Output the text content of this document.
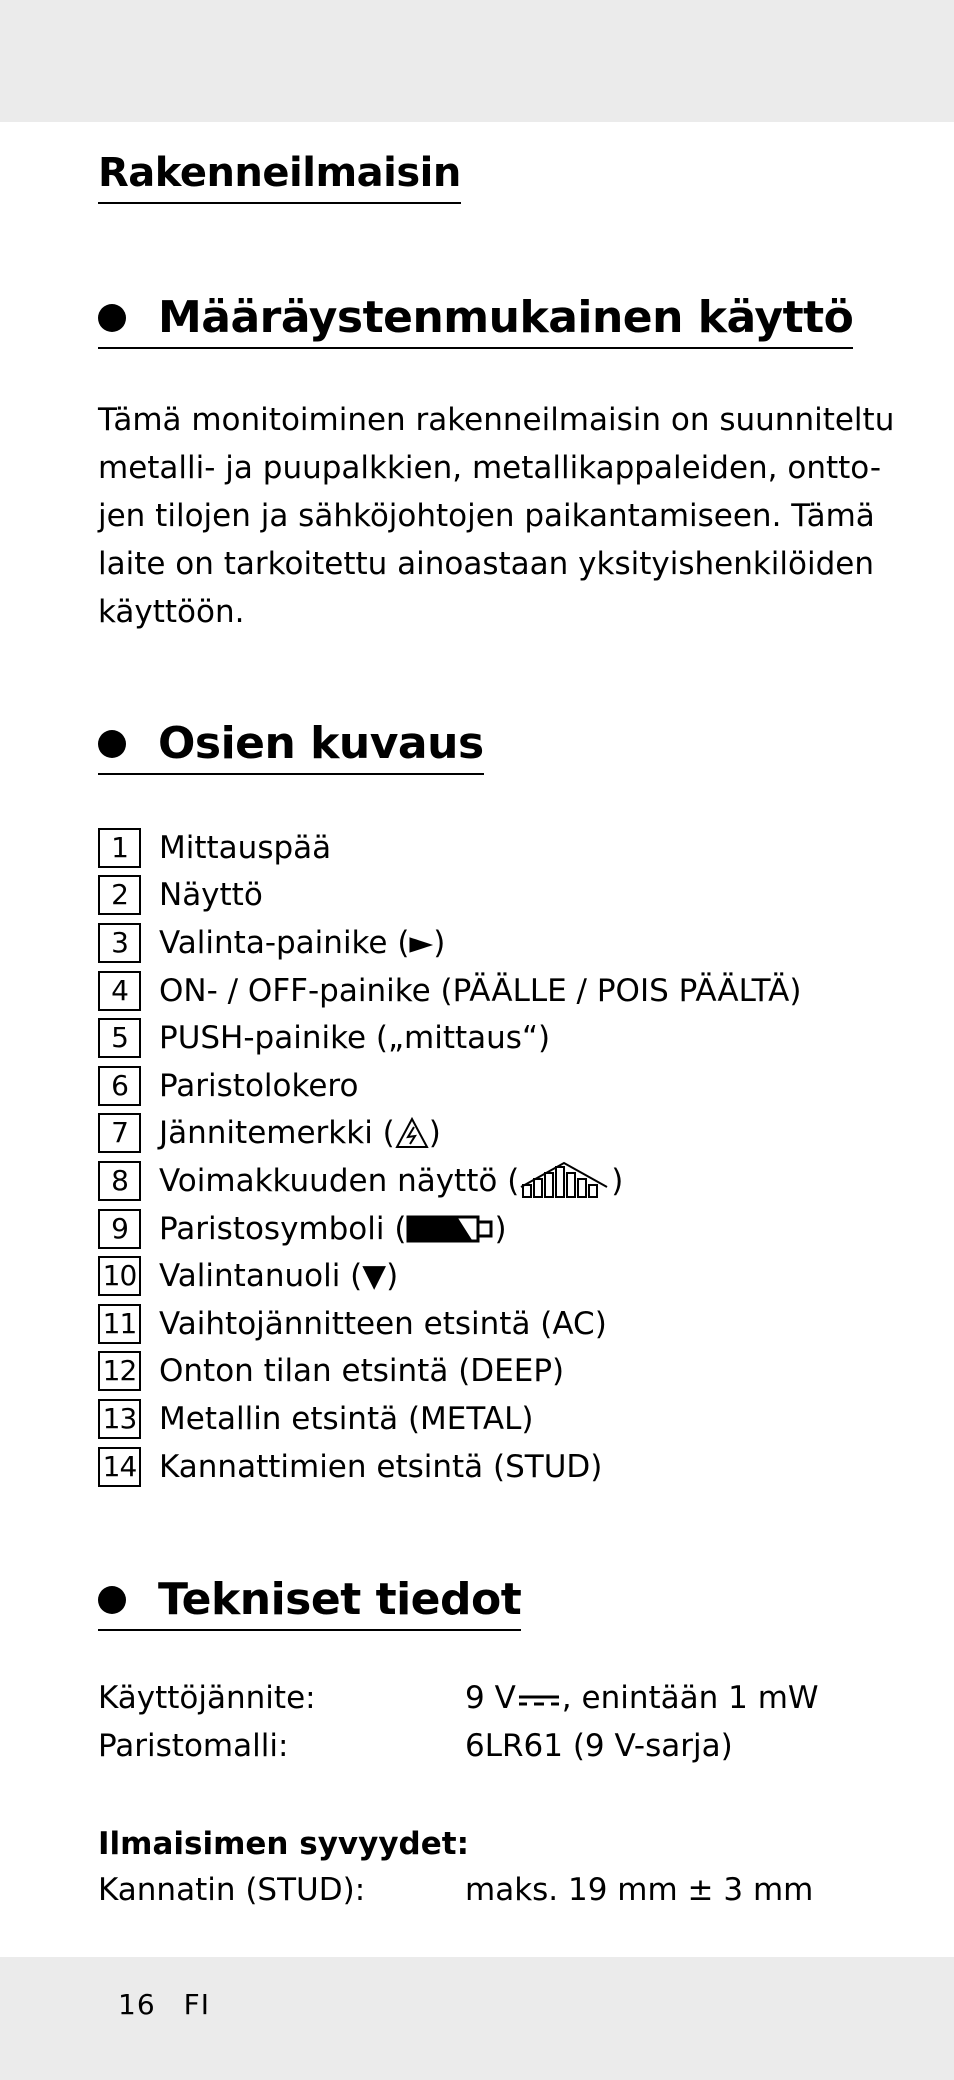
Rakenneilmaisin
Määräystenmukainen käyttö
Tämä monitoiminen rakenneilmaisin on suunniteltu
metalli- ja puupalkkien, metallikappaleiden, ontto-
jen tilojen ja sähköjohtojen paikantamiseen. Tämä
laite on tarkoitettu ainoastaan yksityishenkilöiden
käyttöön.
Osien kuvaus
1	Mittauspää
2	Näyttö
3	Valinta-painike (►)
4	ON- / OFF-painike (PÄÄLLE / POIS PÄÄLTÄ)
5	PUSH-painike („mittaus“)
6	Paristolokero
7	Jännitemerkki ( )
8	Voimakkuuden näyttö (	)
9	Paristosymboli (	)
10 Valintanuoli (▼)
11 Vaihtojännitteen etsintä (AC)
12 Onton tilan etsintä (DEEP)
13 Metallin etsintä (METAL)
14 Kannattimien etsintä (STUD)
Tekniset tiedot
Käyttöjännite:	9 V , enintään 1 mW
Paristomalli:	6LR61 (9 V-sarja)
Ilmaisimen syvyydet:
Kannatin (STUD):	maks. 19 mm ± 3 mm
16 FI
